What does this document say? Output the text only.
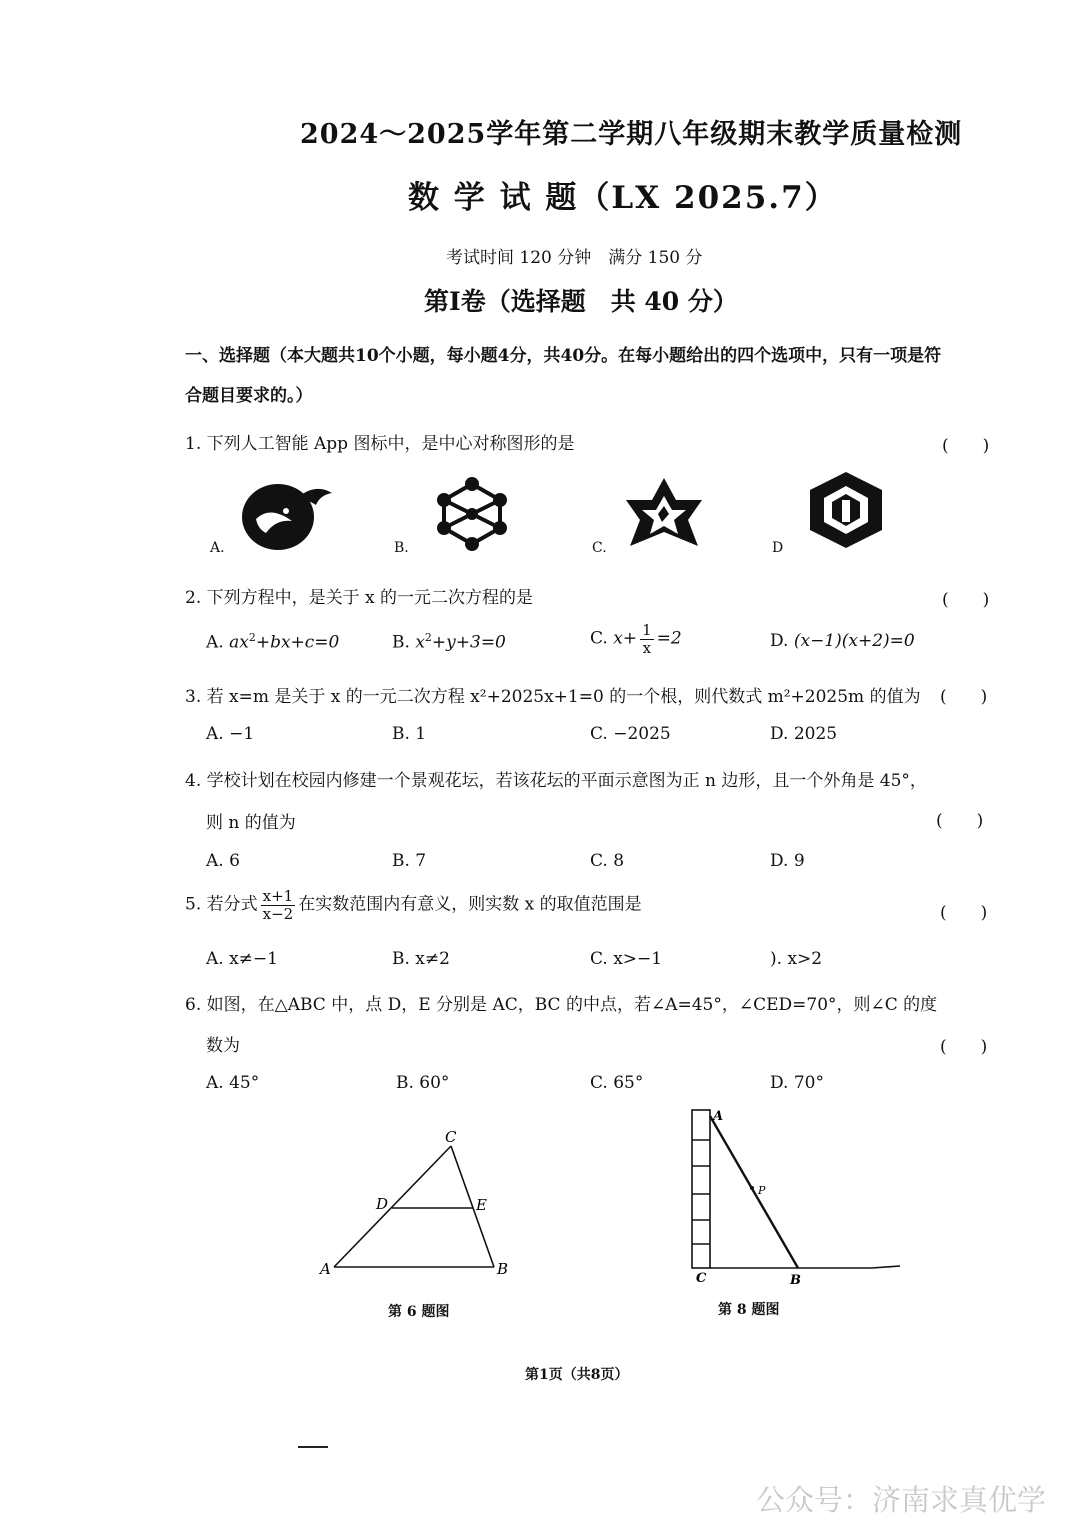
2024～2025学年第二学期八年级期末教学质量检测
数 学 试 题（LX 2025.7）
考试时间 120 分钟　满分 150 分
第Ⅰ卷（选择题　共 40 分）
一、选择题（本大题共10个小题，每小题4分，共40分。在每小题给出的四个选项中，只有一项是符
合题目要求的。）
1. 下列人工智能 App 图标中，是中心对称图形的是	(　　)
A.	B.	C.	D
2. 下列方程中，是关于 x 的一元二次方程的是	(　　)
A. $ax^2+bx+c=0$	B. $x^2+y+3=0$	C. $x+ \frac{1}{x} =2$	D. (x−1)(x+2)=0
3. 若 x=m 是关于 x 的一元二次方程 x²+2025x+1=0 的一个根，则代数式 m²+2025m 的值为 (　　)
A. −1	B. 1	C. −2025	D. 2025
4. 学校计划在校园内修建一个景观花坛，若该花坛的平面示意图为正 n 边形，且一个外角是 45°，
则 n 的值为	(　　)
A. 6	B. 7	C. 8	D. 9
5. 若分式 $\frac{x+1}{x-2}$ 在实数范围内有意义，则实数 x 的取值范围是	(　　)
A. x≠−1	B. x≠2	C. x>−1	). x>2
6. 如图，在△ABC 中，点 D，E 分别是 AC，BC 的中点，若∠A=45°，∠CED=70°，则∠C 的度
数为	(　　)
A. 45°	B. 60°	C. 65°	D. 70°
C
D	E
A	B
第 6 题图
A
P
C	B
第 8 题图
第1页（共8页）
公众号：济南求真优学
